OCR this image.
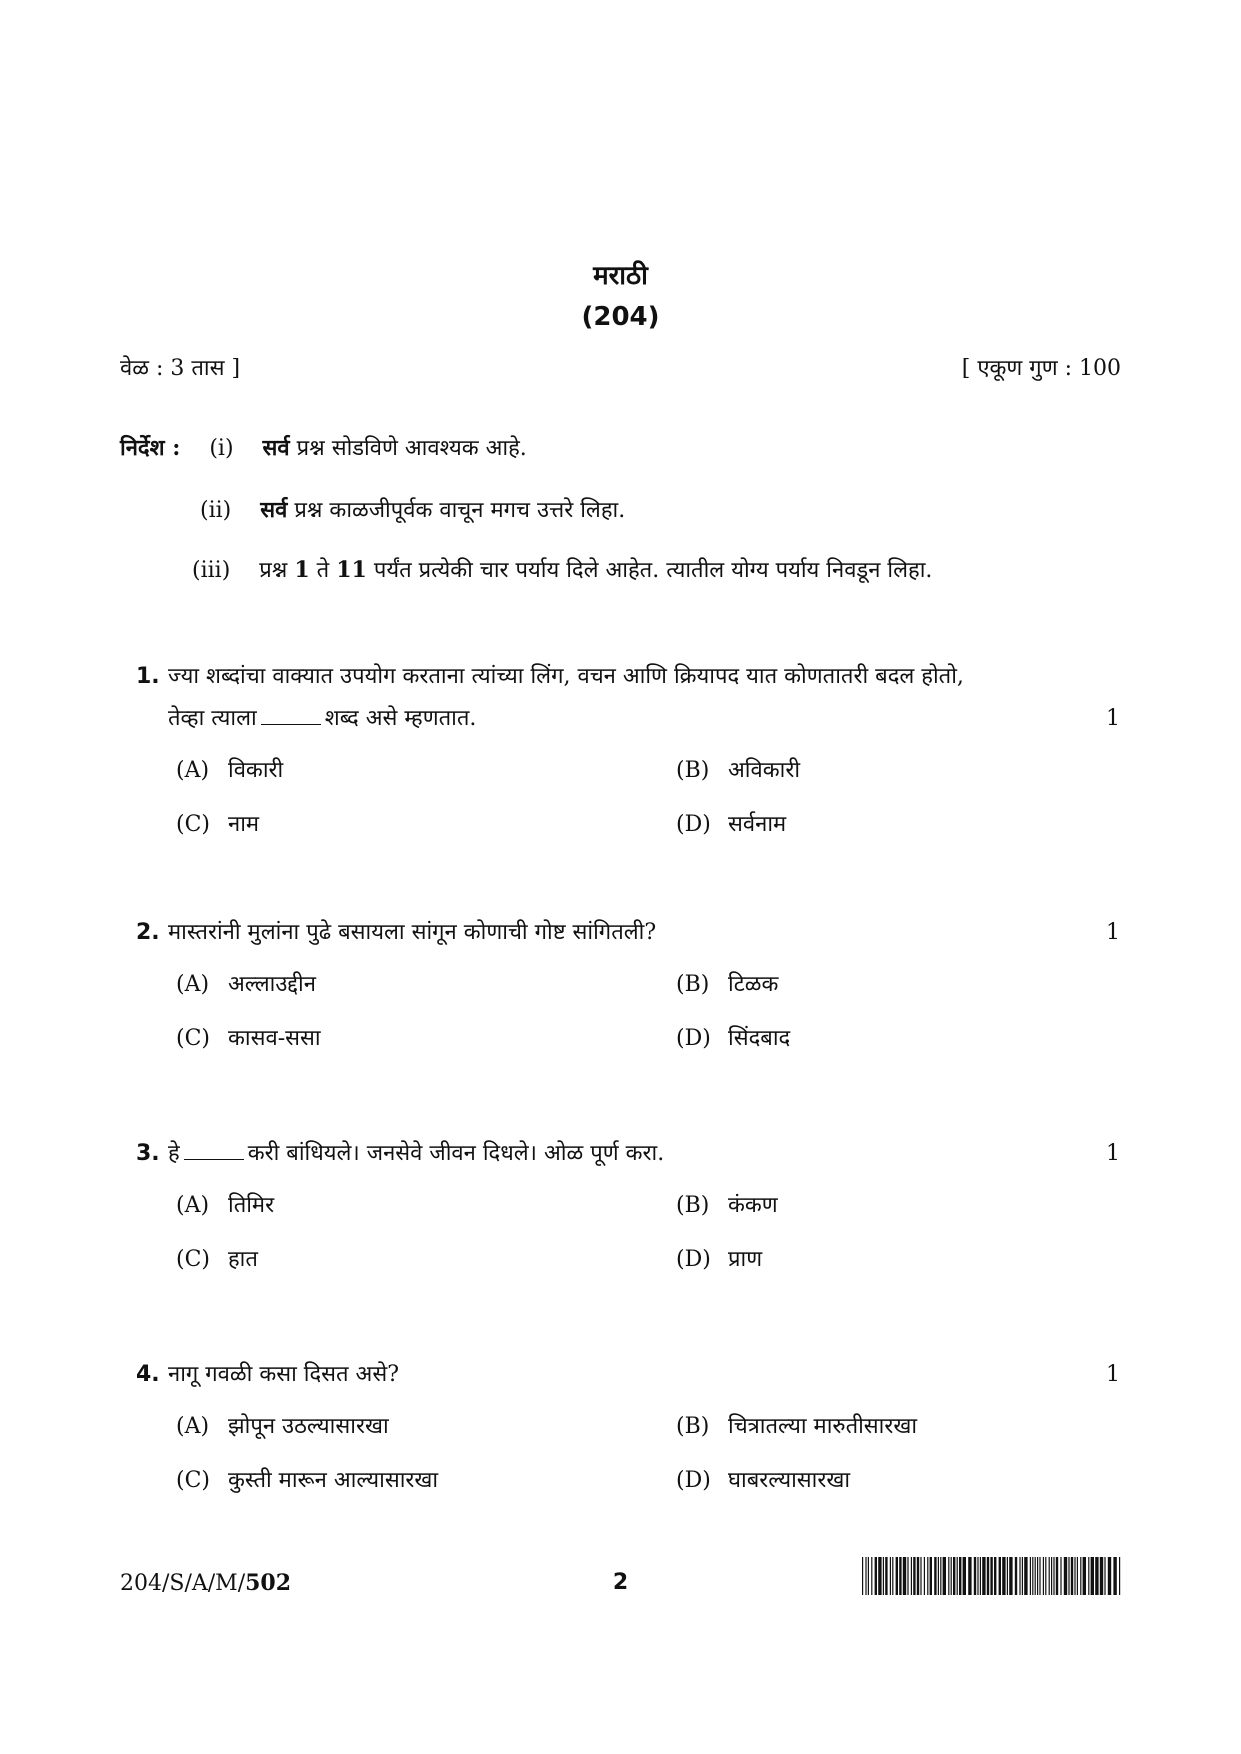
मराठी
(204)
वेळ : 3 तास ]	[ एकूण गुण : 100
निर्देश : (i) सर्व प्रश्न सोडविणे आवश्यक आहे.
(ii) सर्व प्रश्न काळजीपूर्वक वाचून मगच उत्तरे लिहा.
(iii) प्रश्न 1 ते 11 पर्यंत प्रत्येकी चार पर्याय दिले आहेत. त्यातील योग्य पर्याय निवडून लिहा.
1. ज्या शब्दांचा वाक्यात उपयोग करताना त्यांच्या लिंग, वचन आणि क्रियापद यात कोणतातरी बदल होतो,
तेव्हा त्याला	शब्द असे म्हणतात.	1
(A) विकारी	(B) अविकारी
(C) नाम	(D) सर्वनाम
2. मास्तरांनी मुलांना पुढे बसायला सांगून कोणाची गोष्ट सांगितली?	1
(A) अल्लाउद्दीन	(B) टिळक
(C) कासव-ससा	(D) सिंदबाद
3. हे	करी बांधियले। जनसेवे जीवन दिधले। ओळ पूर्ण करा.	1
(A) तिमिर	(B) कंकण
(C) हात	(D) प्राण
4. नागू गवळी कसा दिसत असे?	1
(A) झोपून उठल्यासारखा	(B) चित्रातल्या मारुतीसारखा
(C) कुस्ती मारून आल्यासारखा	(D) घाबरल्यासारखा
204/S/A/M/502	2
